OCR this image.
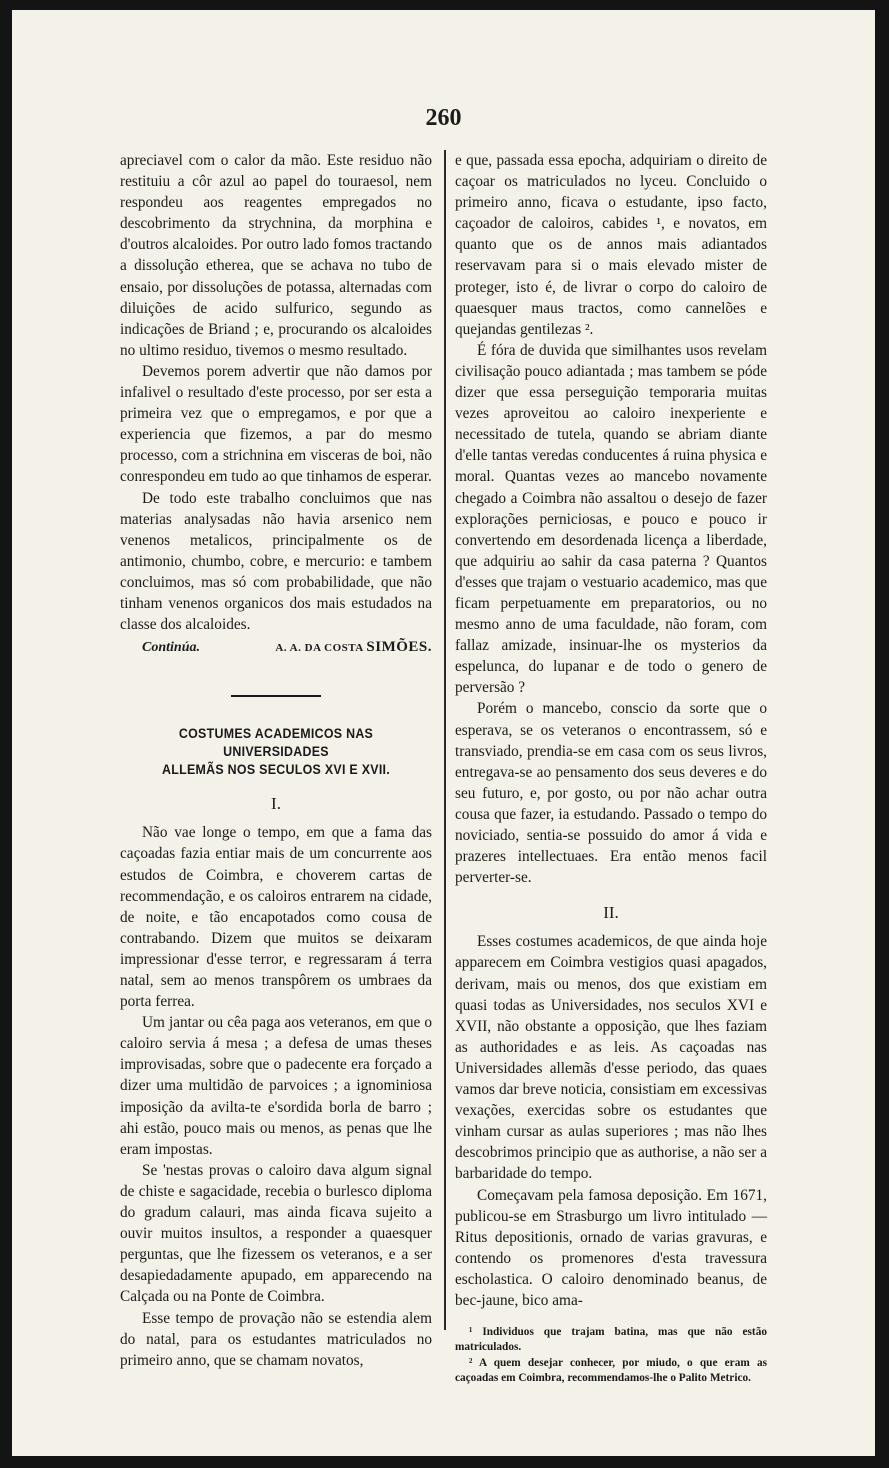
260

apreciavel com o calor da mão. Este residuo não restituiu a côr azul ao papel do touraesol, nem respondeu aos reagentes empregados no descobrimento da strychnina, da morphina e d'outros alcaloides. Por outro lado fomos tractando a dissolução etherea, que se achava no tubo de ensaio, por dissoluções de potassa, alternadas com diluições de acido sulfurico, segundo as indicações de Briand ; e, procurando os alcaloides no ultimo residuo, tivemos o mesmo resultado.

Devemos porem advertir que não damos por infalivel o resultado d'este processo, por ser esta a primeira vez que o empregamos, e por que a experiencia que fizemos, a par do mesmo processo, com a strichnina em visceras de boi, não conrespondeu em tudo ao que tinhamos de esperar.

De todo este trabalho concluimos que nas materias analysadas não havia arsenico nem venenos metalicos, principalmente os de antimonio, chumbo, cobre, e mercurio: e tambem concluimos, mas só com probabilidade, que não tinham venenos organicos dos mais estudados na classe dos alcaloides.

Continúa.	A. A. DA COSTA SIMÕES.
COSTUMES ACADEMICOS NAS UNIVERSIDADES
ALLEMÃS NOS SECULOS XVI E XVII.
I.

Não vae longe o tempo, em que a fama das caçoadas fazia entiar mais de um concurrente aos estudos de Coimbra, e choverem cartas de recommendação, e os caloiros entrarem na cidade, de noite, e tão encapotados como cousa de contrabando. Dizem que muitos se deixaram impressionar d'esse terror, e regressaram á terra natal, sem ao menos transpôrem os umbraes da porta ferrea.

Um jantar ou cêa paga aos veteranos, em que o caloiro servia á mesa ; a defesa de umas theses improvisadas, sobre que o padecente era forçado a dizer uma multidão de parvoices ; a ignominiosa imposição da avilta-te e'sordida borla de barro ; ahi estão, pouco mais ou menos, as penas que lhe eram impostas.

Se 'nestas provas o caloiro dava algum signal de chiste e sagacidade, recebia o burlesco diploma do gradum calauri, mas ainda ficava sujeito a ouvir muitos insultos, a responder a quaesquer perguntas, que lhe fizessem os veteranos, e a ser desapiedadamente apupado, em apparecendo na Calçada ou na Ponte de Coimbra.

Esse tempo de provação não se estendia alem do natal, para os estudantes matriculados no primeiro anno, que se chamam novatos,

e que, passada essa epocha, adquiriam o direito de caçoar os matriculados no lyceu. Concluido o primeiro anno, ficava o estudante, ipso facto, caçoador de caloiros, cabides ¹, e novatos, em quanto que os de annos mais adiantados reservavam para si o mais elevado mister de proteger, isto é, de livrar o corpo do caloiro de quaesquer maus tractos, como cannelões e quejandas gentilezas ².

É fóra de duvida que similhantes usos revelam civilisação pouco adiantada ; mas tambem se póde dizer que essa perseguição temporaria muitas vezes aproveitou ao caloiro inexperiente e necessitado de tutela, quando se abriam diante d'elle tantas veredas conducentes á ruina physica e moral. Quantas vezes ao mancebo novamente chegado a Coimbra não assaltou o desejo de fazer explorações perniciosas, e pouco e pouco ir convertendo em desordenada licença a liberdade, que adquiriu ao sahir da casa paterna ? Quantos d'esses que trajam o vestuario academico, mas que ficam perpetuamente em preparatorios, ou no mesmo anno de uma faculdade, não foram, com fallaz amizade, insinuar-lhe os mysterios da espelunca, do lupanar e de todo o genero de perversão ?

Porém o mancebo, conscio da sorte que o esperava, se os veteranos o encontrassem, só e transviado, prendia-se em casa com os seus livros, entregava-se ao pensamento dos seus deveres e do seu futuro, e, por gosto, ou por não achar outra cousa que fazer, ia estudando. Passado o tempo do noviciado, sentia-se possuido do amor á vida e prazeres intellectuaes. Era então menos facil perverter-se.

II.

Esses costumes academicos, de que ainda hoje apparecem em Coimbra vestigios quasi apagados, derivam, mais ou menos, dos que existiam em quasi todas as Universidades, nos seculos XVI e XVII, não obstante a opposição, que lhes faziam as authoridades e as leis. As caçoadas nas Universidades allemãs d'esse periodo, das quaes vamos dar breve noticia, consistiam em excessivas vexações, exercidas sobre os estudantes que vinham cursar as aulas superiores ; mas não lhes descobrimos principio que as authorise, a não ser a barbaridade do tempo.

Começavam pela famosa deposição. Em 1671, publicou-se em Strasburgo um livro intitulado — Ritus depositionis, ornado de varias gravuras, e contendo os promenores d'esta travessura escholastica. O caloiro denominado beanus, de bec-jaune, bico ama-

¹ Individuos que trajam batina, mas que não estão matriculados.
² A quem desejar conhecer, por miudo, o que eram as caçoadas em Coimbra, recommendamos-lhe o Palito Metrico.
